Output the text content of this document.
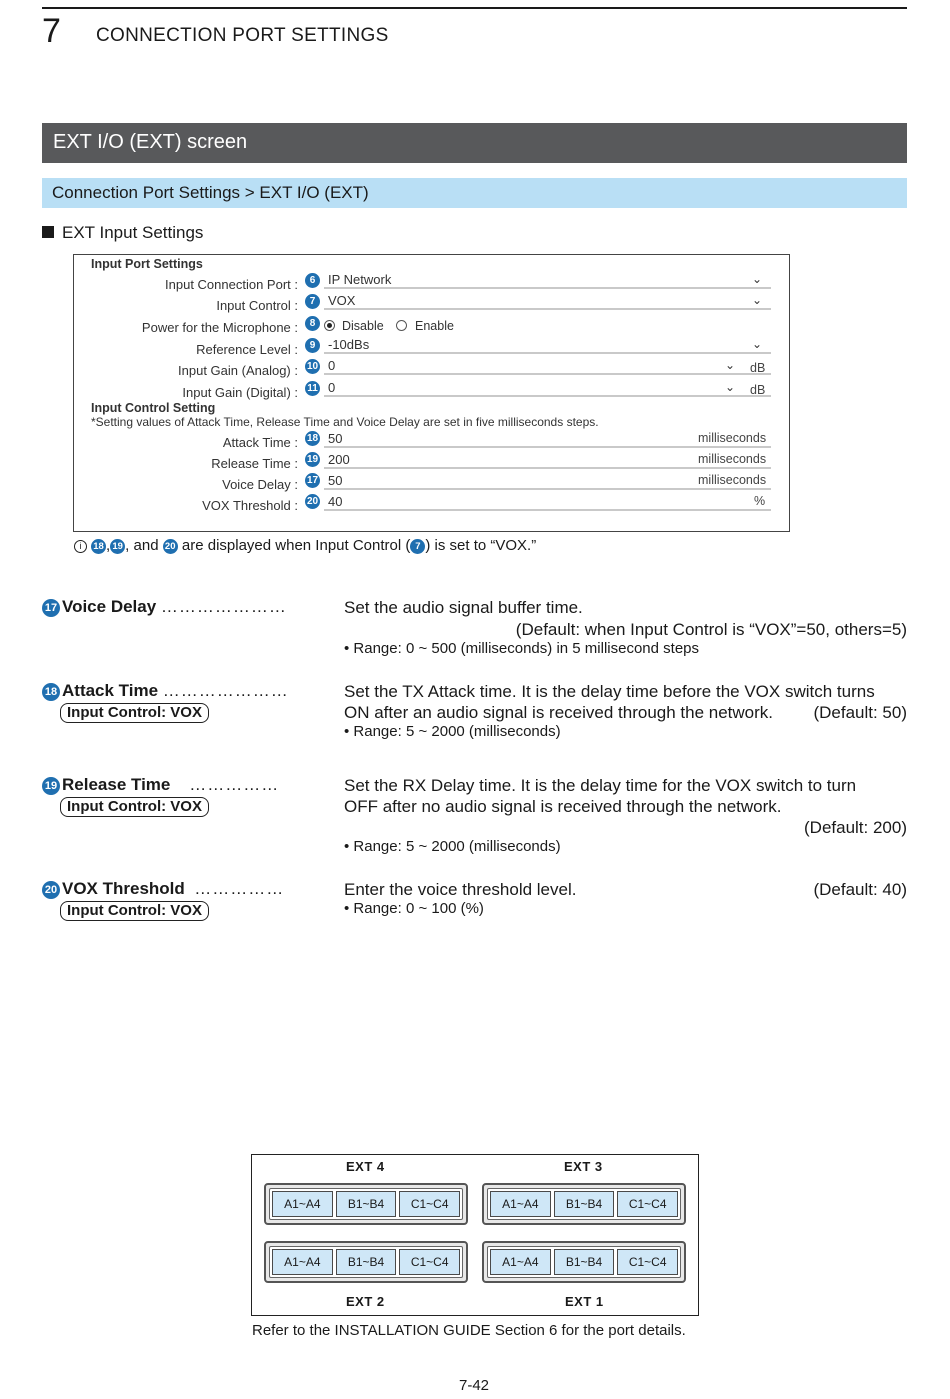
7 CONNECTION PORT SETTINGS
EXT I/O (EXT) screen
Connection Port Settings > EXT I/O (EXT)
EXT Input Settings
Input Port Settings
Input Connection Port :	6 IP Network	⌄
Input Control :	7 VOX	⌄
Power for the Microphone :	8	Disable	Enable
Reference Level :	9 -10dBs	⌄
Input Gain (Analog) : 10 0	⌄ dB
Input Gain (Digital) : 11 0	⌄ dB
Input Control Setting
*Setting values of Attack Time, Release Time and Voice Delay are set in five milliseconds steps.
Attack Time : 18 50	milliseconds
Release Time : 19 200	milliseconds
Voice Delay : 17 50	milliseconds
VOX Threshold : 20 40	%
i 18 , 19 , and 20 are displayed when Input Control ( 7 ) is set to “VOX.”
17 Voice Delay …………………	Set the audio signal buffer time.
(Default: when Input Control is “VOX”=50, others=5)
• Range: 0 ~ 500 (milliseconds) in 5 millisecond steps
18 Attack Time …………………
Input Control: VOX
Set the TX Attack time. It is the delay time before the VOX switch turns
ON after an audio signal is received through the network. (Default: 50)
• Range: 5 ~ 2000 (milliseconds)
19 Release Time ……………
Input Control: VOX
Set the RX Delay time. It is the delay time for the VOX switch to turn
OFF after no audio signal is received through the network.
(Default: 200)
• Range: 5 ~ 2000 (milliseconds)
20 VOX Threshold ……………
Input Control: VOX
Enter the voice threshold level.	(Default: 40)
• Range: 0 ~ 100 (%)
EXT 4	EXT 3
A1~A4	B1~B4	C1~C4	A1~A4	B1~B4	C1~C4
A1~A4	B1~B4	C1~C4	A1~A4	B1~B4	C1~C4
EXT 2	EXT 1
Refer to the INSTALLATION GUIDE Section 6 for the port details.
7-42
